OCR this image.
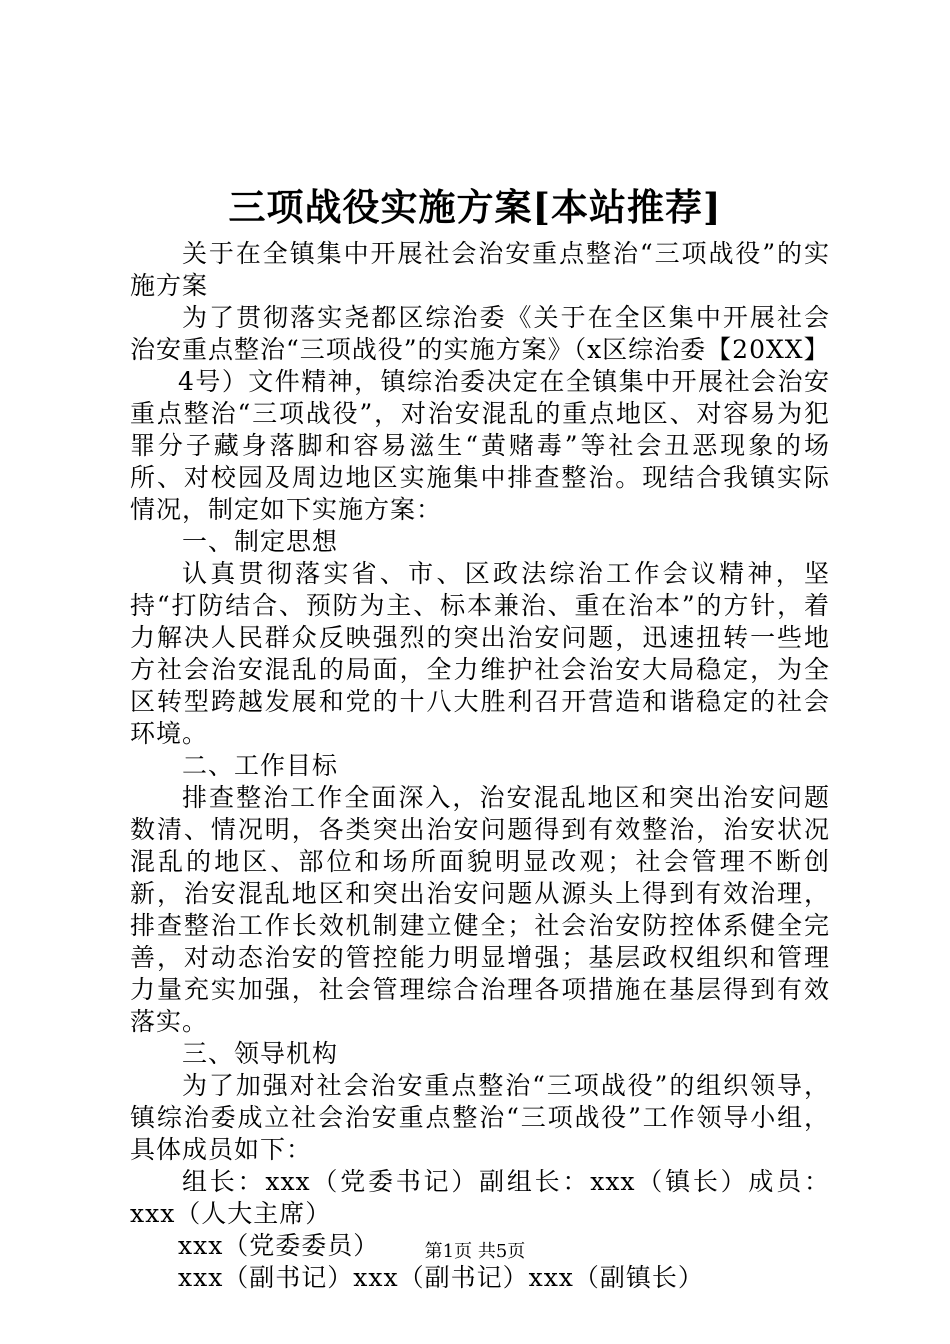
三项战役实施方案[本站推荐]

关于在全镇集中开展社会治安重点整治“三项战役”的实施方案

为了贯彻落实尧都区综治委《关于在全区集中开展社会治安重点整治“三项战役”的实施方案》（x区综治委【20XX】

4号）文件精神，镇综治委决定在全镇集中开展社会治安重点整治“三项战役”，对治安混乱的重点地区、对容易为犯罪分子藏身落脚和容易滋生“黄赌毒”等社会丑恶现象的场所、对校园及周边地区实施集中排查整治。现结合我镇实际情况，制定如下实施方案：

一、制定思想

认真贯彻落实省、市、区政法综治工作会议精神，坚持“打防结合、预防为主、标本兼治、重在治本”的方针，着力解决人民群众反映强烈的突出治安问题，迅速扭转一些地方社会治安混乱的局面，全力维护社会治安大局稳定，为全区转型跨越发展和党的十八大胜利召开营造和谐稳定的社会环境。

二、工作目标

排查整治工作全面深入，治安混乱地区和突出治安问题数清、情况明，各类突出治安问题得到有效整治，治安状况混乱的地区、部位和场所面貌明显改观；社会管理不断创新，治安混乱地区和突出治安问题从源头上得到有效治理，排查整治工作长效机制建立健全；社会治安防控体系健全完善，对动态治安的管控能力明显增强；基层政权组织和管理力量充实加强，社会管理综合治理各项措施在基层得到有效落实。

三、领导机构

为了加强对社会治安重点整治“三项战役”的组织领导，镇综治委成立社会治安重点整治“三项战役”工作领导小组，具体成员如下：

组长：xxx（党委书记）副组长：xxx（镇长）成员：xxx（人大主席）

xxx（党委委员）

xxx（副书记）xxx（副书记）xxx（副镇长）

第1页 共5页
